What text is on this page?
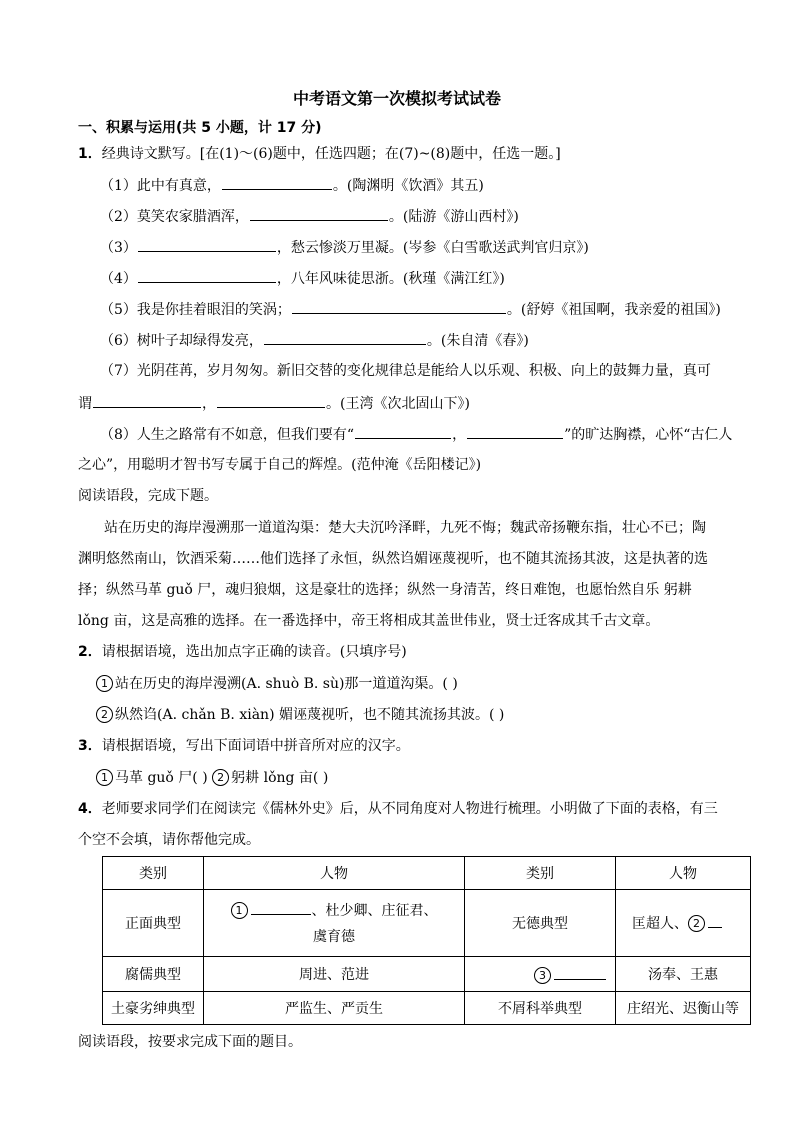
中考语文第一次模拟考试试卷
一、积累与运用(共 5 小题，计 17 分)
1．经典诗文默写。[在(1)～(6)题中，任选四题；在(7)~(8)题中，任选一题。]
（1）此中有真意，	。(陶渊明《饮酒》其五)
（2）莫笑农家腊酒浑，	。(陆游《游山西村》)
（3）	，愁云惨淡万里凝。(岑参《白雪歌送武判官归京》)
（4）	，八年风味徒思浙。(秋瑾《满江红》)
（5）我是你挂着眼泪的笑涡；	。(舒婷《祖国啊，我亲爱的祖国》)
（6）树叶子却绿得发亮，	。(朱自清《春》)
（7）光阴荏苒，岁月匆匆。新旧交替的变化规律总是能给人以乐观、积极、向上的鼓舞力量，真可
谓	，	。(王湾《次北固山下》)
（8）人生之路常有不如意，但我们要有“	，	”的旷达胸襟，心怀“古仁人
之心”，用聪明才智书写专属于自己的辉煌。(范仲淹《岳阳楼记》)
阅读语段，完成下题。
站在历史的海岸漫溯那一道道沟渠：楚大夫沉吟泽畔，九死不悔；魏武帝扬鞭东指，壮心不已；陶
渊明悠然南山，饮酒采菊……他们选择了永恒，纵然诌媚诬蔑视听，也不随其流扬其波，这是执著的选
择；纵然马革 guǒ 尸，魂归狼烟，这是豪壮的选择；纵然一身清苦，终日难饱，也愿怡然自乐 躬耕
lǒng 亩，这是高雅的选择。在一番选择中，帝王将相成其盖世伟业，贤士迁客成其千古文章。
2．请根据语境，选出加点字正确的读音。(只填序号)
1 站在历史的海岸漫溯(A. shuò B. sù)那一道道沟渠。( )
2 纵然诌(A. chǎn B. xiàn) 媚诬蔑视听，也不随其流扬其波。( )
3．请根据语境，写出下面词语中拼音所对应的汉字。
1 马革 guǒ 尸( ) 2 躬耕 lǒng 亩( )
4．老师要求同学们在阅读完《儒林外史》后，从不同角度对人物进行梳理。小明做了下面的表格，有三
个空不会填，请你帮他完成。
类别	人物	类别	人物
正面典型	1 、杜少卿、庄征君、
虞育德	无德典型	匡超人、 2
腐儒典型	周进、范进	3	汤奉、王惠
土豪劣绅典型	严监生、严贡生	不屑科举典型	庄绍光、迟衡山等
阅读语段，按要求完成下面的题目。
